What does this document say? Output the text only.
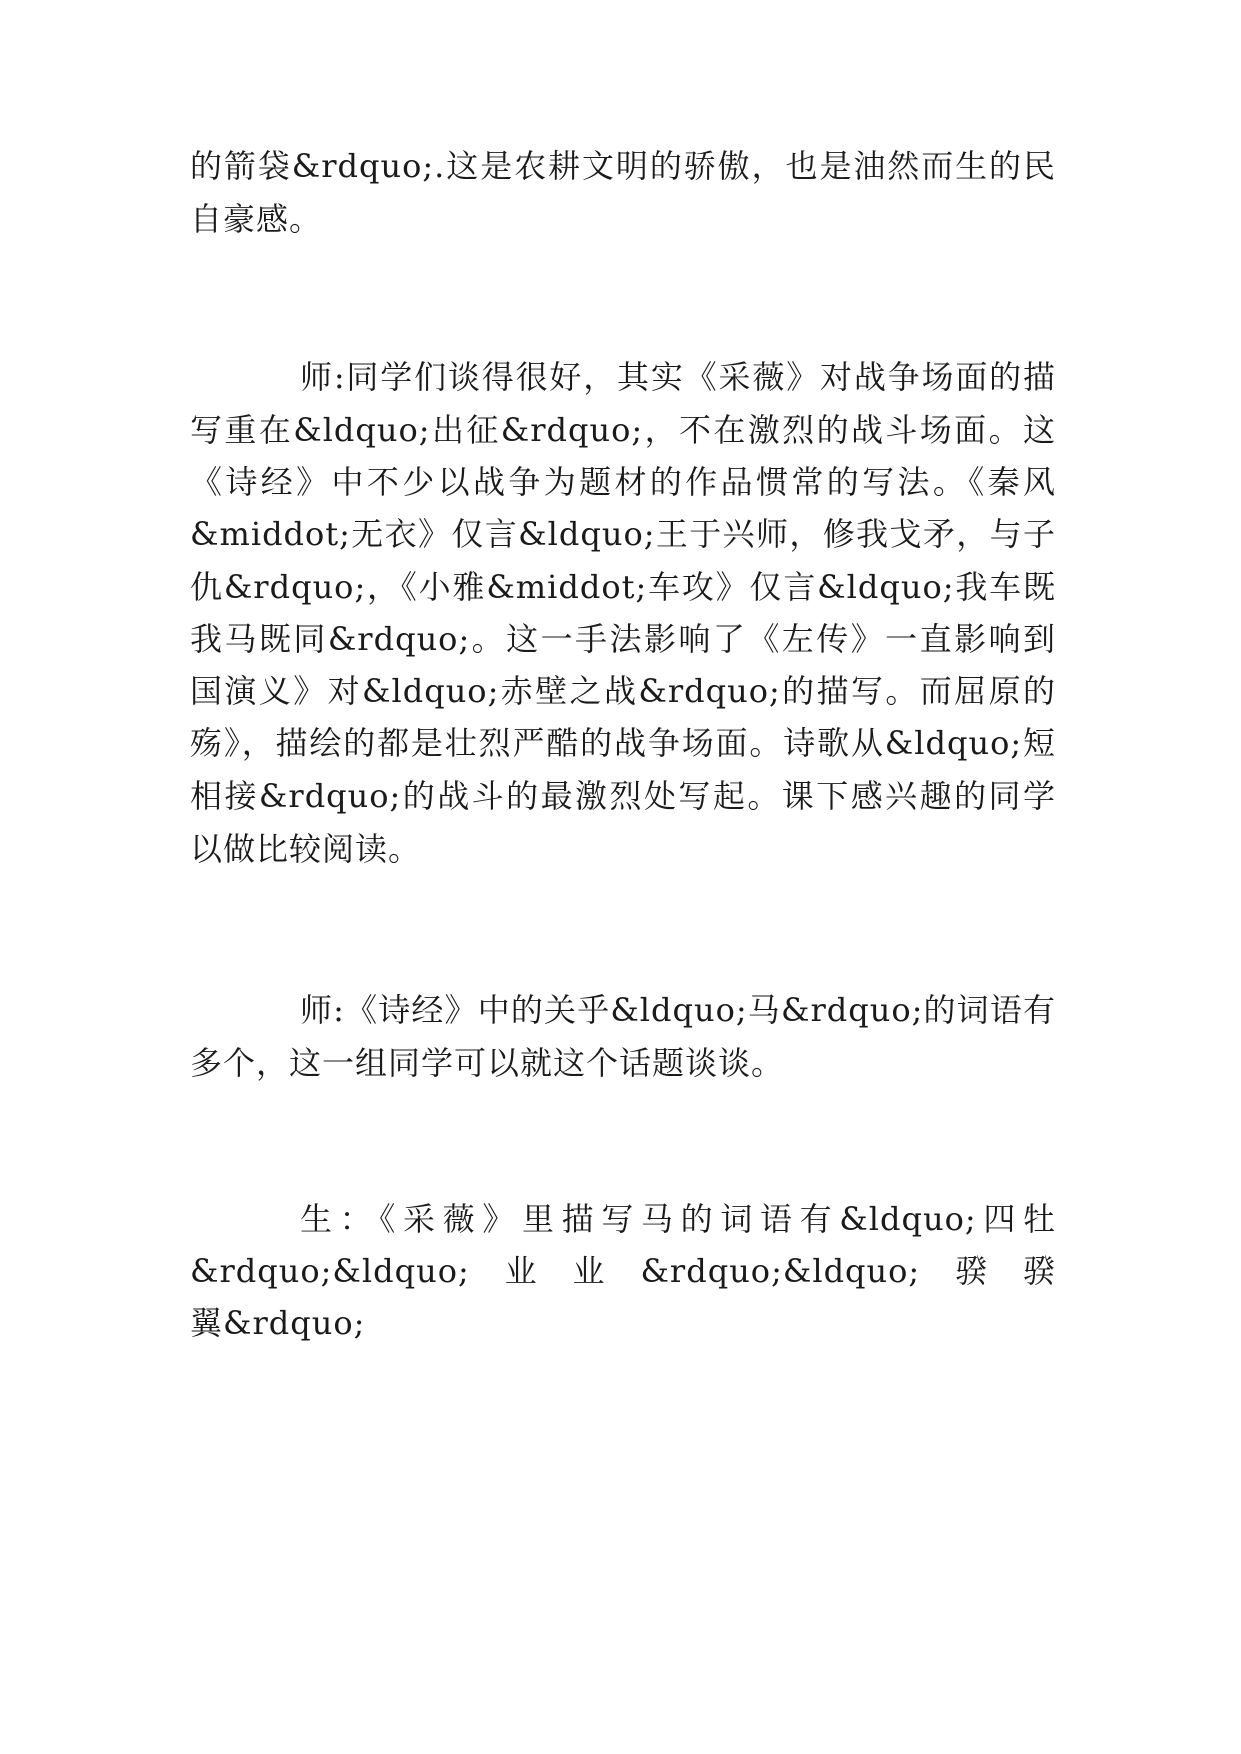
的箭袋&rdquo;.这是农耕文明的骄傲，也是油然而生的民
自豪感。
师:同学们谈得很好，其实《采薇》对战争场面的描
写重在&ldquo;出征&rdquo;，不在激烈的战斗场面。这
《诗经》中不少以战争为题材的作品惯常的写法。《秦风
&middot;无衣》仅言&ldquo;王于兴师，修我戈矛，与子
仇&rdquo;，《小雅&middot;车攻》仅言&ldquo;我车既
我马既同&rdquo;。这一手法影响了《左传》一直影响到
国演义》对&ldquo;赤壁之战&rdquo;的描写。而屈原的
殇》，描绘的都是壮烈严酷的战争场面。诗歌从&ldquo;短
相接&rdquo;的战斗的最激烈处写起。课下感兴趣的同学
以做比较阅读。
师:《诗经》中的关乎&ldquo;马&rdquo;的词语有
多个，这一组同学可以就这个话题谈谈。
生：《采薇》里描写马的词语有&ldquo;四牡
&rdquo;&ldquo;业业&rdquo;&ldquo;骙骙
翼&rdquo;
